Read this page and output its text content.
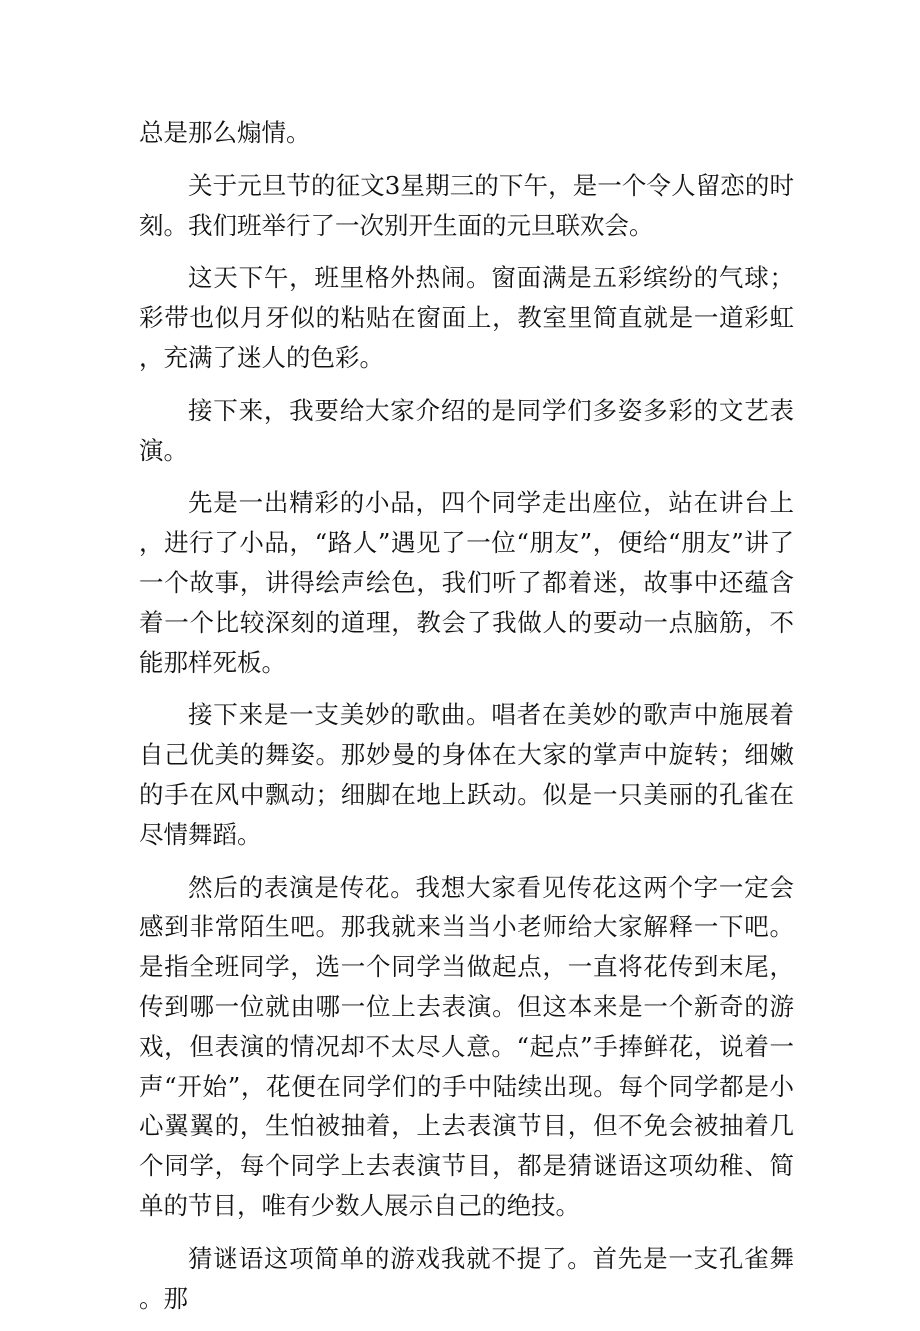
总是那么煽情。

关于元旦节的征文3星期三的下午，是一个令人留恋的时刻。我们班举行了一次别开生面的元旦联欢会。

这天下午，班里格外热闹。窗面满是五彩缤纷的气球；彩带也似月牙似的粘贴在窗面上，教室里简直就是一道彩虹，充满了迷人的色彩。

接下来，我要给大家介绍的是同学们多姿多彩的文艺表演。

先是一出精彩的小品，四个同学走出座位，站在讲台上，进行了小品，“路人”遇见了一位“朋友”，便给“朋友”讲了一个故事，讲得绘声绘色，我们听了都着迷，故事中还蕴含着一个比较深刻的道理，教会了我做人的要动一点脑筋，不能那样死板。

接下来是一支美妙的歌曲。唱者在美妙的歌声中施展着自己优美的舞姿。那妙曼的身体在大家的掌声中旋转；细嫩的手在风中飘动；细脚在地上跃动。似是一只美丽的孔雀在尽情舞蹈。

然后的表演是传花。我想大家看见传花这两个字一定会感到非常陌生吧。那我就来当当小老师给大家解释一下吧。是指全班同学，选一个同学当做起点，一直将花传到末尾，传到哪一位就由哪一位上去表演。但这本来是一个新奇的游戏，但表演的情况却不太尽人意。“起点”手捧鲜花，说着一声“开始”，花便在同学们的手中陆续出现。每个同学都是小心翼翼的，生怕被抽着，上去表演节目，但不免会被抽着几个同学，每个同学上去表演节目，都是猜谜语这项幼稚、简单的节目，唯有少数人展示自己的绝技。

猜谜语这项简单的游戏我就不提了。首先是一支孔雀舞。那
